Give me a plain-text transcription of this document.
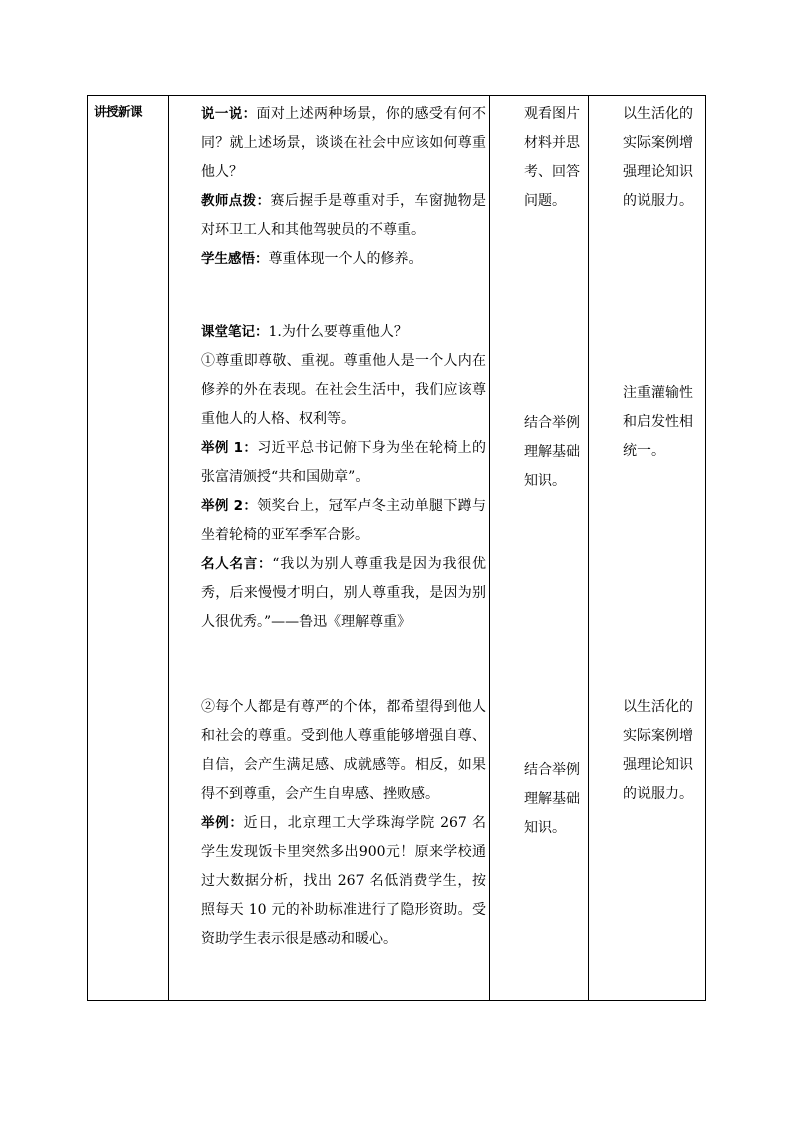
讲授新课	说一说：面对上述两种场景，你的感受有何不同？就上述场景，谈谈在社会中应该如何尊重他人？
教师点拨：赛后握手是尊重对手，车窗抛物是对环卫工人和其他驾驶员的不尊重。
学生感悟：尊重体现一个人的修养。
课堂笔记：1.为什么要尊重他人？
①尊重即尊敬、重视。尊重他人是一个人内在修养的外在表现。在社会生活中，我们应该尊重他人的人格、权利等。
举例 1：习近平总书记俯下身为坐在轮椅上的张富清颁授“共和国勋章”。
举例 2：领奖台上，冠军卢冬主动单腿下蹲与坐着轮椅的亚军季军合影。
名人名言：“我以为别人尊重我是因为我很优秀，后来慢慢才明白，别人尊重我，是因为别人很优秀。”——鲁迅《理解尊重》
②每个人都是有尊严的个体，都希望得到他人和社会的尊重。受到他人尊重能够增强自尊、自信，会产生满足感、成就感等。相反，如果得不到尊重，会产生自卑感、挫败感。
举例：近日，北京理工大学珠海学院 267 名学生发现饭卡里突然多出900元！原来学校通过大数据分析，找出 267 名低消费学生，按照每天 10 元的补助标准进行了隐形资助。受资助学生表示很是感动和暖心。
观看图片材料并思考、回答问题。
结合举例理解基础知识。
结合举例理解基础知识。
以生活化的实际案例增强理论知识的说服力。
注重灌输性和启发性相统一。
以生活化的实际案例增强理论知识的说服力。
